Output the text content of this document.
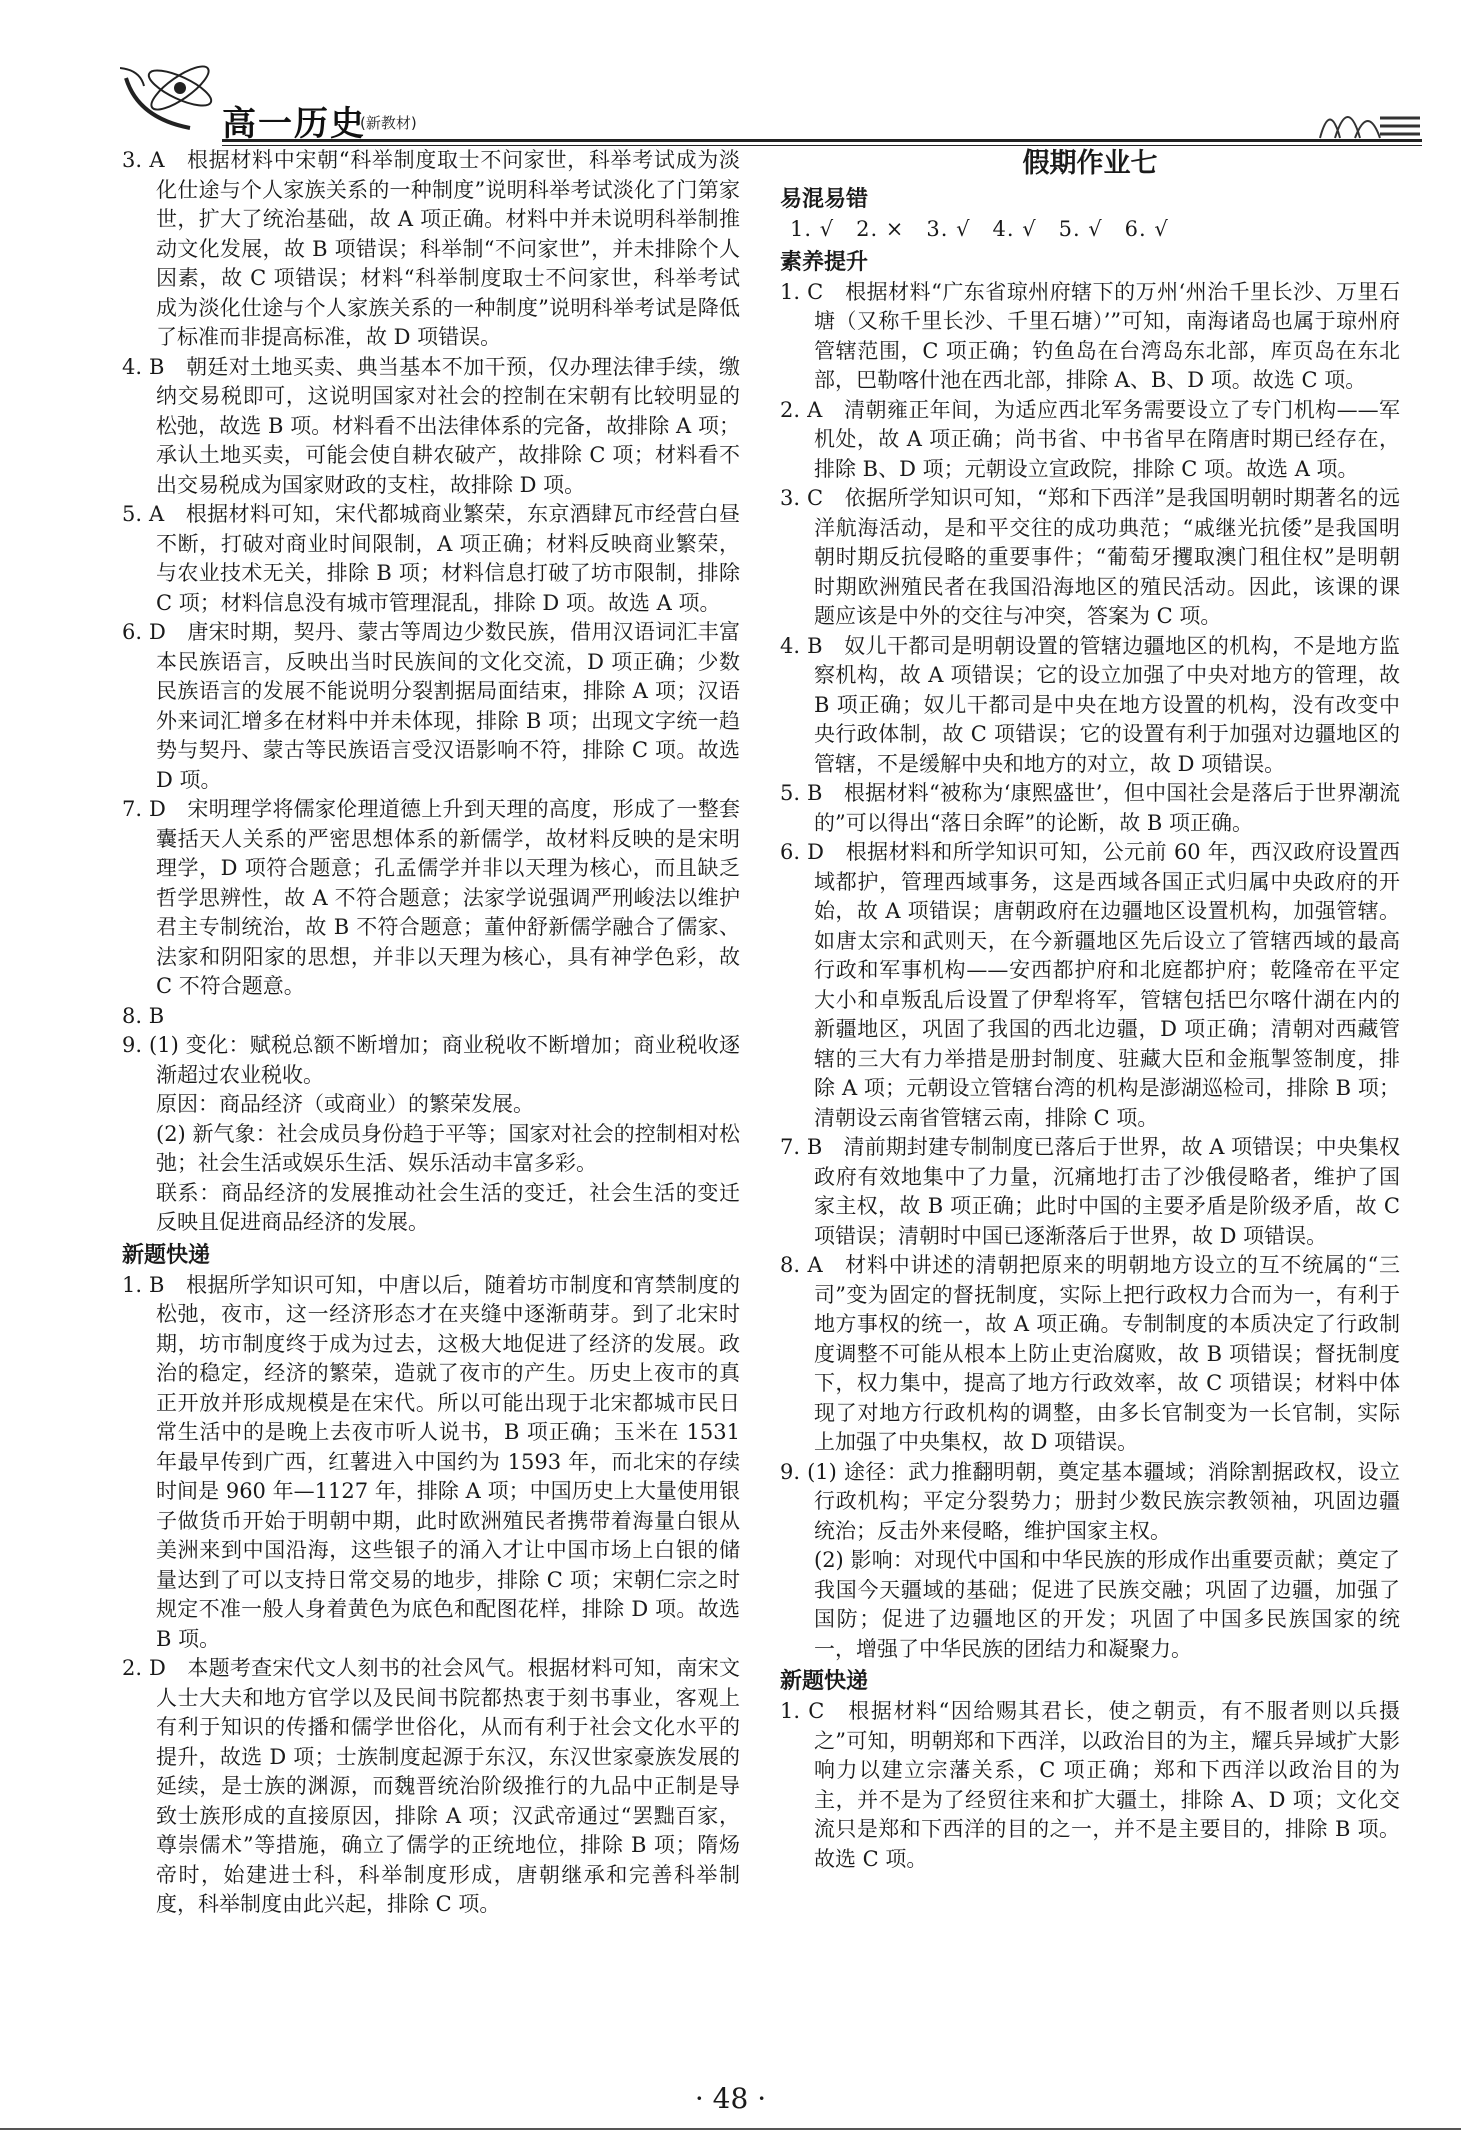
高一历史
(新教材)

3. A　根据材料中宋朝“科举制度取士不问家世，科举考试成为淡化仕途与个人家族关系的一种制度”说明科举考试淡化了门第家世，扩大了统治基础，故 A 项正确。材料中并未说明科举制推动文化发展，故 B 项错误；科举制“不问家世”，并未排除个人因素，故 C 项错误；材料“科举制度取士不问家世，科举考试成为淡化仕途与个人家族关系的一种制度”说明科举考试是降低了标准而非提高标准，故 D 项错误。

4. B　朝廷对土地买卖、典当基本不加干预，仅办理法律手续，缴纳交易税即可，这说明国家对社会的控制在宋朝有比较明显的松弛，故选 B 项。材料看不出法律体系的完备，故排除 A 项；承认土地买卖，可能会使自耕农破产，故排除 C 项；材料看不出交易税成为国家财政的支柱，故排除 D 项。

5. A　根据材料可知，宋代都城商业繁荣，东京酒肆瓦市经营白昼不断，打破对商业时间限制，A 项正确；材料反映商业繁荣，与农业技术无关，排除 B 项；材料信息打破了坊市限制，排除 C 项；材料信息没有城市管理混乱，排除 D 项。故选 A 项。

6. D　唐宋时期，契丹、蒙古等周边少数民族，借用汉语词汇丰富本民族语言，反映出当时民族间的文化交流，D 项正确；少数民族语言的发展不能说明分裂割据局面结束，排除 A 项；汉语外来词汇增多在材料中并未体现，排除 B 项；出现文字统一趋势与契丹、蒙古等民族语言受汉语影响不符，排除 C 项。故选 D 项。

7. D　宋明理学将儒家伦理道德上升到天理的高度，形成了一整套囊括天人关系的严密思想体系的新儒学，故材料反映的是宋明理学，D 项符合题意；孔孟儒学并非以天理为核心，而且缺乏哲学思辨性，故 A 不符合题意；法家学说强调严刑峻法以维护君主专制统治，故 B 不符合题意；董仲舒新儒学融合了儒家、法家和阴阳家的思想，并非以天理为核心，具有神学色彩，故 C 不符合题意。

8. B

9. (1) 变化：赋税总额不断增加；商业税收不断增加；商业税收逐渐超过农业税收。

原因：商品经济（或商业）的繁荣发展。

(2) 新气象：社会成员身份趋于平等；国家对社会的控制相对松弛；社会生活或娱乐生活、娱乐活动丰富多彩。

联系：商品经济的发展推动社会生活的变迁，社会生活的变迁反映且促进商品经济的发展。

新题快递

1. B　根据所学知识可知，中唐以后，随着坊市制度和宵禁制度的松弛，夜市，这一经济形态才在夹缝中逐渐萌芽。到了北宋时期，坊市制度终于成为过去，这极大地促进了经济的发展。政治的稳定，经济的繁荣，造就了夜市的产生。历史上夜市的真正开放并形成规模是在宋代。所以可能出现于北宋都城市民日常生活中的是晚上去夜市听人说书，B 项正确；玉米在 1531 年最早传到广西，红薯进入中国约为 1593 年，而北宋的存续时间是 960 年—1127 年，排除 A 项；中国历史上大量使用银子做货币开始于明朝中期，此时欧洲殖民者携带着海量白银从美洲来到中国沿海，这些银子的涌入才让中国市场上白银的储量达到了可以支持日常交易的地步，排除 C 项；宋朝仁宗之时规定不准一般人身着黄色为底色和配图花样，排除 D 项。故选 B 项。

2. D　本题考查宋代文人刻书的社会风气。根据材料可知，南宋文人士大夫和地方官学以及民间书院都热衷于刻书事业，客观上有利于知识的传播和儒学世俗化，从而有利于社会文化水平的提升，故选 D 项；士族制度起源于东汉，东汉世家豪族发展的延续，是士族的渊源，而魏晋统治阶级推行的九品中正制是导致士族形成的直接原因，排除 A 项；汉武帝通过“罢黜百家，尊崇儒术”等措施，确立了儒学的正统地位，排除 B 项；隋炀帝时，始建进士科，科举制度形成，唐朝继承和完善科举制度，科举制度由此兴起，排除 C 项。

假期作业七
易混易错

1. √　2. ×　3. √　4. √　5. √　6. √

素养提升

1. C　根据材料“广东省琼州府辖下的万州‘州治千里长沙、万里石塘（又称千里长沙、千里石塘）’”可知，南海诸岛也属于琼州府管辖范围，C 项正确；钓鱼岛在台湾岛东北部，库页岛在东北部，巴勒喀什池在西北部，排除 A、B、D 项。故选 C 项。

2. A　清朝雍正年间，为适应西北军务需要设立了专门机构——军机处，故 A 项正确；尚书省、中书省早在隋唐时期已经存在，排除 B、D 项；元朝设立宣政院，排除 C 项。故选 A 项。

3. C　依据所学知识可知，“郑和下西洋”是我国明朝时期著名的远洋航海活动，是和平交往的成功典范；“戚继光抗倭”是我国明朝时期反抗侵略的重要事件；“葡萄牙攫取澳门租住权”是明朝时期欧洲殖民者在我国沿海地区的殖民活动。因此，该课的课题应该是中外的交往与冲突，答案为 C 项。

4. B　奴儿干都司是明朝设置的管辖边疆地区的机构，不是地方监察机构，故 A 项错误；它的设立加强了中央对地方的管理，故 B 项正确；奴儿干都司是中央在地方设置的机构，没有改变中央行政体制，故 C 项错误；它的设置有利于加强对边疆地区的管辖，不是缓解中央和地方的对立，故 D 项错误。

5. B　根据材料“被称为‘康熙盛世’，但中国社会是落后于世界潮流的”可以得出“落日余晖”的论断，故 B 项正确。

6. D　根据材料和所学知识可知，公元前 60 年，西汉政府设置西域都护，管理西域事务，这是西域各国正式归属中央政府的开始，故 A 项错误；唐朝政府在边疆地区设置机构，加强管辖。如唐太宗和武则天，在今新疆地区先后设立了管辖西域的最高行政和军事机构——安西都护府和北庭都护府；乾隆帝在平定大小和卓叛乱后设置了伊犁将军，管辖包括巴尔喀什湖在内的新疆地区，巩固了我国的西北边疆，D 项正确；清朝对西藏管辖的三大有力举措是册封制度、驻藏大臣和金瓶掣签制度，排除 A 项；元朝设立管辖台湾的机构是澎湖巡检司，排除 B 项；清朝设云南省管辖云南，排除 C 项。

7. B　清前期封建专制制度已落后于世界，故 A 项错误；中央集权政府有效地集中了力量，沉痛地打击了沙俄侵略者，维护了国家主权，故 B 项正确；此时中国的主要矛盾是阶级矛盾，故 C 项错误；清朝时中国已逐渐落后于世界，故 D 项错误。

8. A　材料中讲述的清朝把原来的明朝地方设立的互不统属的“三司”变为固定的督抚制度，实际上把行政权力合而为一，有利于地方事权的统一，故 A 项正确。专制制度的本质决定了行政制度调整不可能从根本上防止吏治腐败，故 B 项错误；督抚制度下，权力集中，提高了地方行政效率，故 C 项错误；材料中体现了对地方行政机构的调整，由多长官制变为一长官制，实际上加强了中央集权，故 D 项错误。

9. (1) 途径：武力推翻明朝，奠定基本疆域；消除割据政权，设立行政机构；平定分裂势力；册封少数民族宗教领袖，巩固边疆统治；反击外来侵略，维护国家主权。

(2) 影响：对现代中国和中华民族的形成作出重要贡献；奠定了我国今天疆域的基础；促进了民族交融；巩固了边疆，加强了国防；促进了边疆地区的开发；巩固了中国多民族国家的统一，增强了中华民族的团结力和凝聚力。

新题快递

1. C　根据材料“因给赐其君长，使之朝贡，有不服者则以兵摄之”可知，明朝郑和下西洋，以政治目的为主，耀兵异域扩大影响力以建立宗藩关系，C 项正确；郑和下西洋以政治目的为主，并不是为了经贸往来和扩大疆土，排除 A、D 项；文化交流只是郑和下西洋的目的之一，并不是主要目的，排除 B 项。故选 C 项。

· 48 ·
